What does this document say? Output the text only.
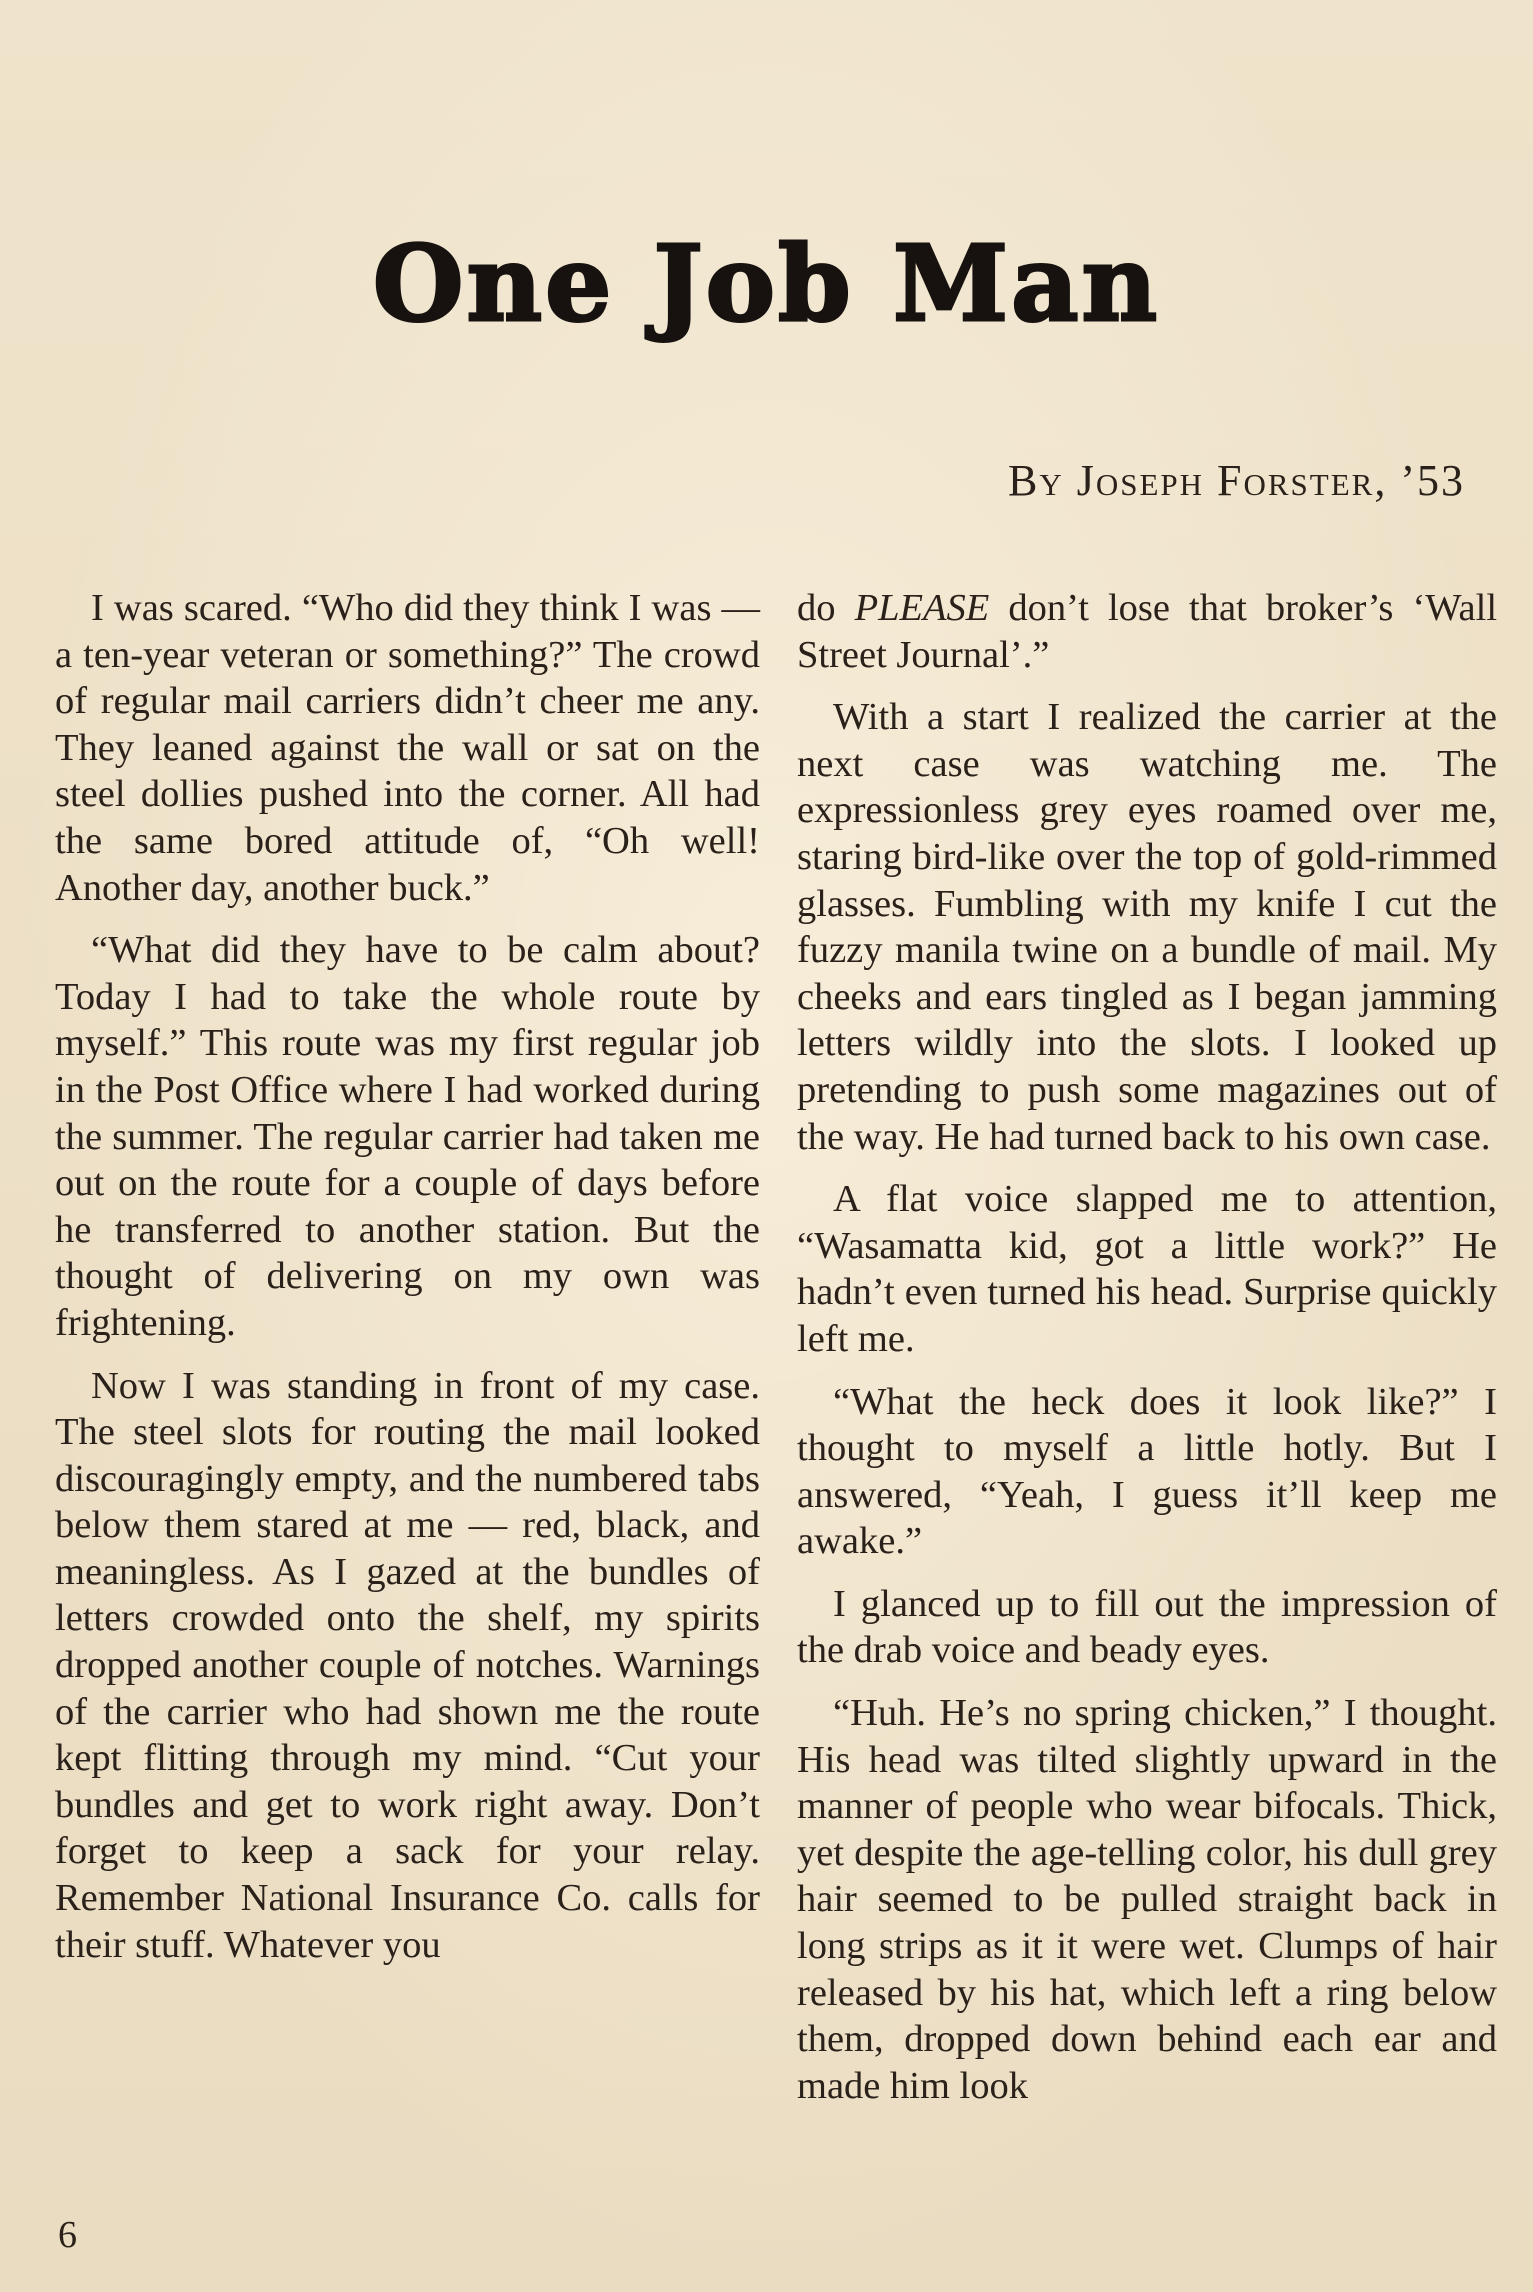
One Job Man

By Joseph Forster, ’53

I was scared. “Who did they think I was — a ten-year veteran or something?” The crowd of regular mail carriers didn’t cheer me any. They leaned against the wall or sat on the steel dollies pushed into the corner. All had the same bored attitude of, “Oh well! Another day, another buck.”

“What did they have to be calm about? Today I had to take the whole route by myself.” This route was my first regular job in the Post Office where I had worked during the summer. The regular carrier had taken me out on the route for a couple of days before he transferred to another station. But the thought of delivering on my own was frightening.

Now I was standing in front of my case. The steel slots for routing the mail looked discouragingly empty, and the numbered tabs below them stared at me — red, black, and meaningless. As I gazed at the bundles of letters crowded onto the shelf, my spirits dropped another couple of notches. Warnings of the carrier who had shown me the route kept flitting through my mind. “Cut your bundles and get to work right away. Don’t forget to keep a sack for your relay. Remember National Insurance Co. calls for their stuff. Whatever you

do PLEASE don’t lose that broker’s ‘Wall Street Journal’.”

With a start I realized the carrier at the next case was watching me. The expressionless grey eyes roamed over me, staring bird-like over the top of gold-rimmed glasses. Fumbling with my knife I cut the fuzzy manila twine on a bundle of mail. My cheeks and ears tingled as I began jamming letters wildly into the slots. I looked up pretending to push some magazines out of the way. He had turned back to his own case.

A flat voice slapped me to attention, “Wasamatta kid, got a little work?” He hadn’t even turned his head. Surprise quickly left me.

“What the heck does it look like?” I thought to myself a little hotly. But I answered, “Yeah, I guess it’ll keep me awake.”

I glanced up to fill out the impression of the drab voice and beady eyes.

“Huh. He’s no spring chicken,” I thought. His head was tilted slightly upward in the manner of people who wear bifocals. Thick, yet despite the age-telling color, his dull grey hair seemed to be pulled straight back in long strips as it it were wet. Clumps of hair released by his hat, which left a ring below them, dropped down behind each ear and made him look

6
